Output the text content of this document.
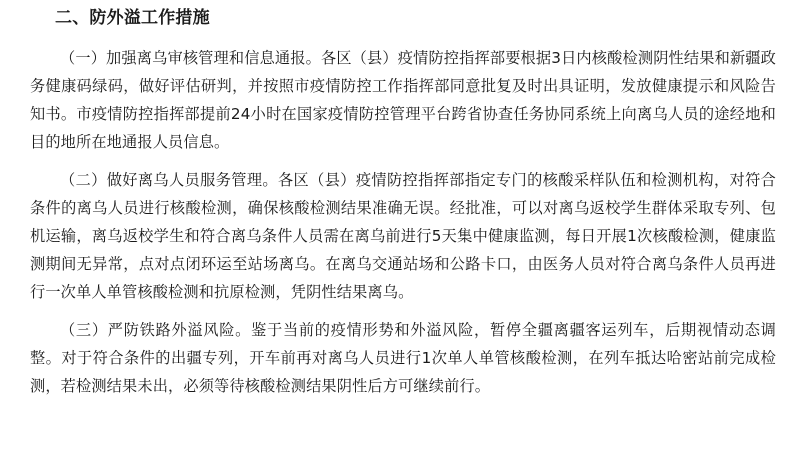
二、防外溢工作措施

（一）加强离乌审核管理和信息通报。各区（县）疫情防控指挥部要根据3日内核酸检测阴性结果和新疆政务健康码绿码，做好评估研判，并按照市疫情防控工作指挥部同意批复及时出具证明，发放健康提示和风险告知书。市疫情防控指挥部提前24小时在国家疫情防控管理平台跨省协查任务协同系统上向离乌人员的途经地和目的地所在地通报人员信息。

（二）做好离乌人员服务管理。各区（县）疫情防控指挥部指定专门的核酸采样队伍和检测机构，对符合条件的离乌人员进行核酸检测，确保核酸检测结果准确无误。经批准，可以对离乌返校学生群体采取专列、包机运输，离乌返校学生和符合离乌条件人员需在离乌前进行5天集中健康监测，每日开展1次核酸检测，健康监测期间无异常，点对点闭环运至站场离乌。在离乌交通站场和公路卡口，由医务人员对符合离乌条件人员再进行一次单人单管核酸检测和抗原检测，凭阴性结果离乌。

（三）严防铁路外溢风险。鉴于当前的疫情形势和外溢风险，暂停全疆离疆客运列车，后期视情动态调整。对于符合条件的出疆专列，开车前再对离乌人员进行1次单人单管核酸检测，在列车抵达哈密站前完成检测，若检测结果未出，必须等待核酸检测结果阴性后方可继续前行。
